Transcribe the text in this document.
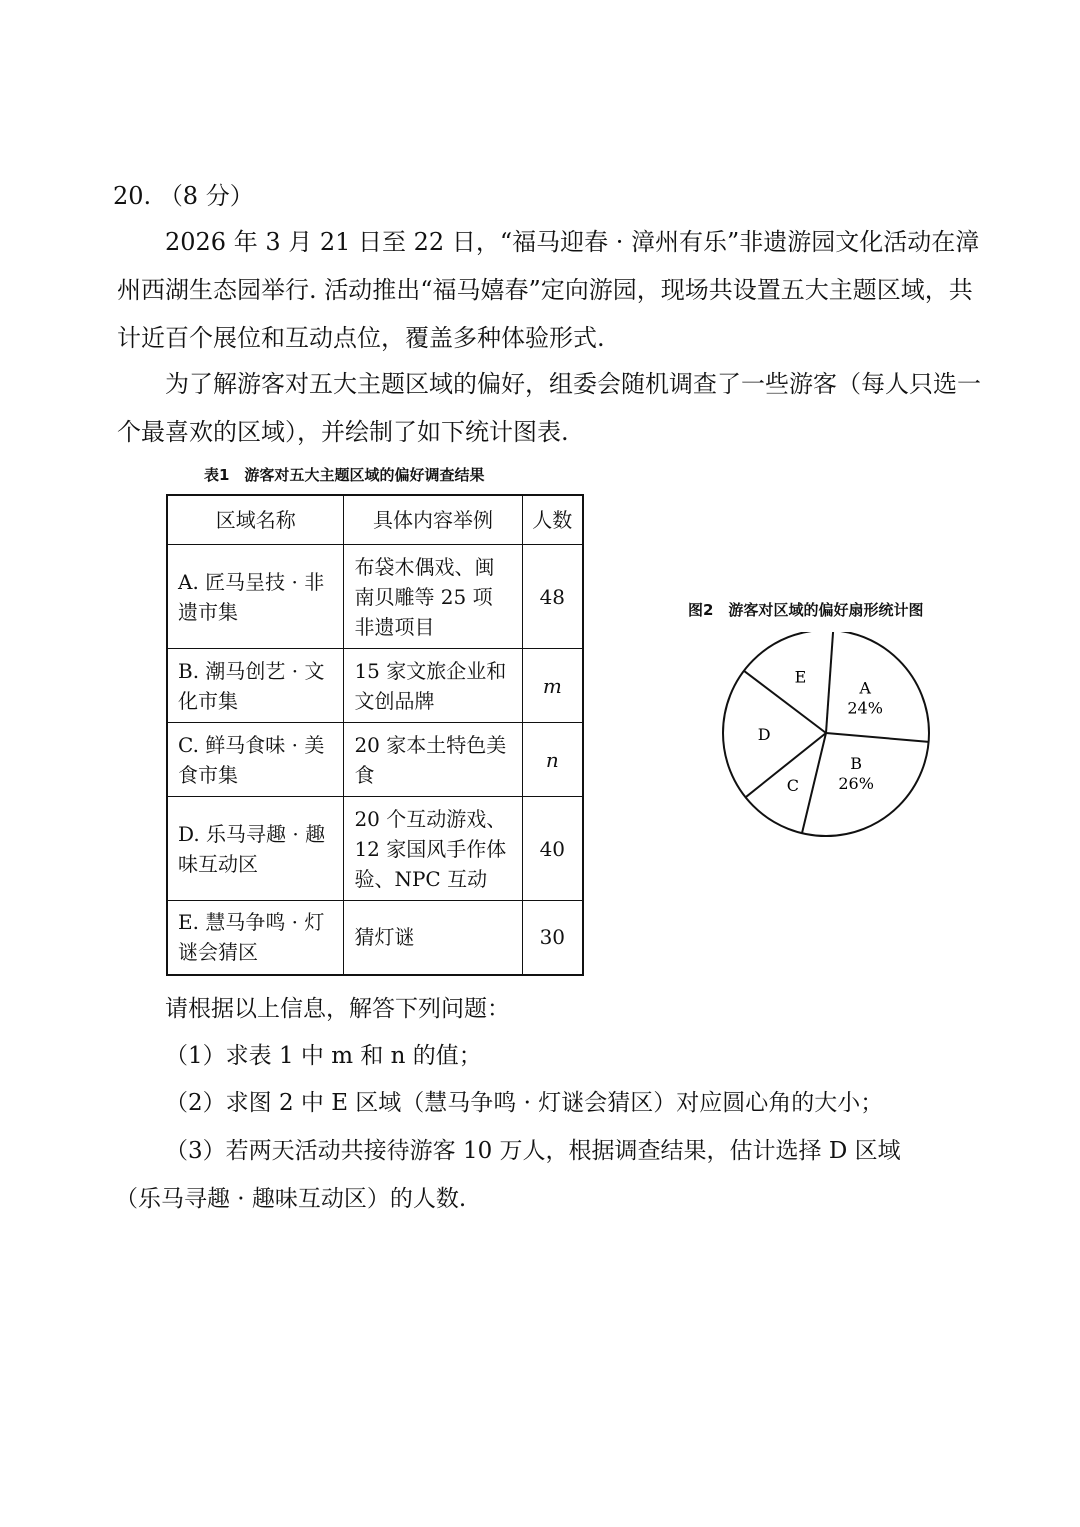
20. （8 分）
2026 年 3 月 21 日至 22 日，“福马迎春 · 漳州有乐”非遗游园文化活动在漳州西湖生态园举行. 活动推出“福马嬉春”定向游园，现场共设置五大主题区域，共计近百个展位和互动点位，覆盖多种体验形式.
为了解游客对五大主题区域的偏好，组委会随机调查了一些游客（每人只选一个最喜欢的区域），并绘制了如下统计图表.
表1　游客对五大主题区域的偏好调查结果
区域名称	具体内容举例	人数
A. 匠马呈技 · 非遗市集	布袋木偶戏、闽南贝雕等 25 项非遗项目	48
B. 潮马创艺 · 文化市集	15 家文旅企业和文创品牌	m
C. 鲜马食味 · 美食市集	20 家本土特色美食	n
D. 乐马寻趣 · 趣味互动区	20 个互动游戏、12 家国风手作体验、NPC 互动	40
E. 慧马争鸣 · 灯谜会猜区	猜灯谜	30
图2　游客对区域的偏好扇形统计图
A
24%
B
26%
C
D
E
请根据以上信息，解答下列问题：
（1）求表 1 中 m 和 n 的值；
（2）求图 2 中 E 区域（慧马争鸣 · 灯谜会猜区）对应圆心角的大小；
（3）若两天活动共接待游客 10 万人，根据调查结果，估计选择 D 区域
（乐马寻趣 · 趣味互动区）的人数.
